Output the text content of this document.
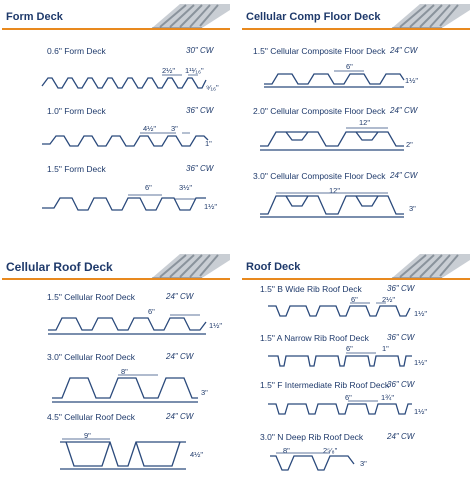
Form Deck
0.6" Form Deck	30" CW
2½" 1¹¹⁄₁₆"
⁹⁄₁₆"
1.0" Form Deck	36" CW
4½" 3"
1"
1.5" Form Deck	36" CW
6"	3½"
1½"
Cellular Comp Floor Deck
1.5" Cellular Composite Floor Deck 24" CW
6"
1½"
2.0" Cellular Composite Floor Deck 24" CW
12"
2"
3.0" Cellular Composite Floor Deck 24" CW
12"
3"
Cellular Roof Deck
1.5" Cellular Roof Deck	24" CW
6"
1½"
3.0" Cellular Roof Deck	24" CW
8"
3"
4.5" Cellular Roof Deck	24" CW
9"
4½"
Roof Deck
1.5" B Wide Rib Roof Deck	36" CW
6"	2½"
1½"
1.5" A Narrow Rib Roof Deck 36" CW
6"	1"
1½"
1.5" F Intermediate Rib Roof Deck
36" CW
6"	1¾"
1½"
3.0" N Deep Rib Roof Deck	24" CW
8"	2⁵⁄₈"
3"
